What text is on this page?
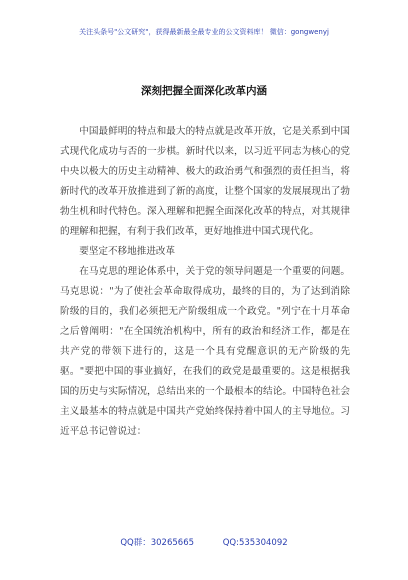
关注头条号"公文研究"，获得最新最全最专业的公文资料库！ 微信：gongwenyj
深刻把握全面深化改革内涵

中国最鲜明的特点和最大的特点就是改革开放，它是关系到中国式现代化成功与否的一步棋。新时代以来，以习近平同志为核心的党中央以极大的历史主动精神、极大的政治勇气和强烈的责任担当，将新时代的改革开放推进到了新的高度，让整个国家的发展展现出了勃勃生机和时代特色。深入理解和把握全面深化改革的特点，对其规律的理解和把握，有利于我们改革，更好地推进中国式现代化。

要坚定不移地推进改革

在马克思的理论体系中，关于党的领导问题是一个重要的问题。马克思说："为了使社会革命取得成功，最终的目的，为了达到消除阶级的目的，我们必须把无产阶级组成一个政党。"列宁在十月革命之后曾阐明："在全国统治机构中，所有的政治和经济工作，都是在共产党的带领下进行的，这是一个具有党醒意识的无产阶级的先驱。"要把中国的事业搞好，在我们的政党是最重要的。这是根据我国的历史与实际情况，总结出来的一个最根本的结论。中国特色社会主义最基本的特点就是中国共产党始终保持着中国人的主导地位。习近平总书记曾说过：

QQ群：30265665	QQ:535304092
